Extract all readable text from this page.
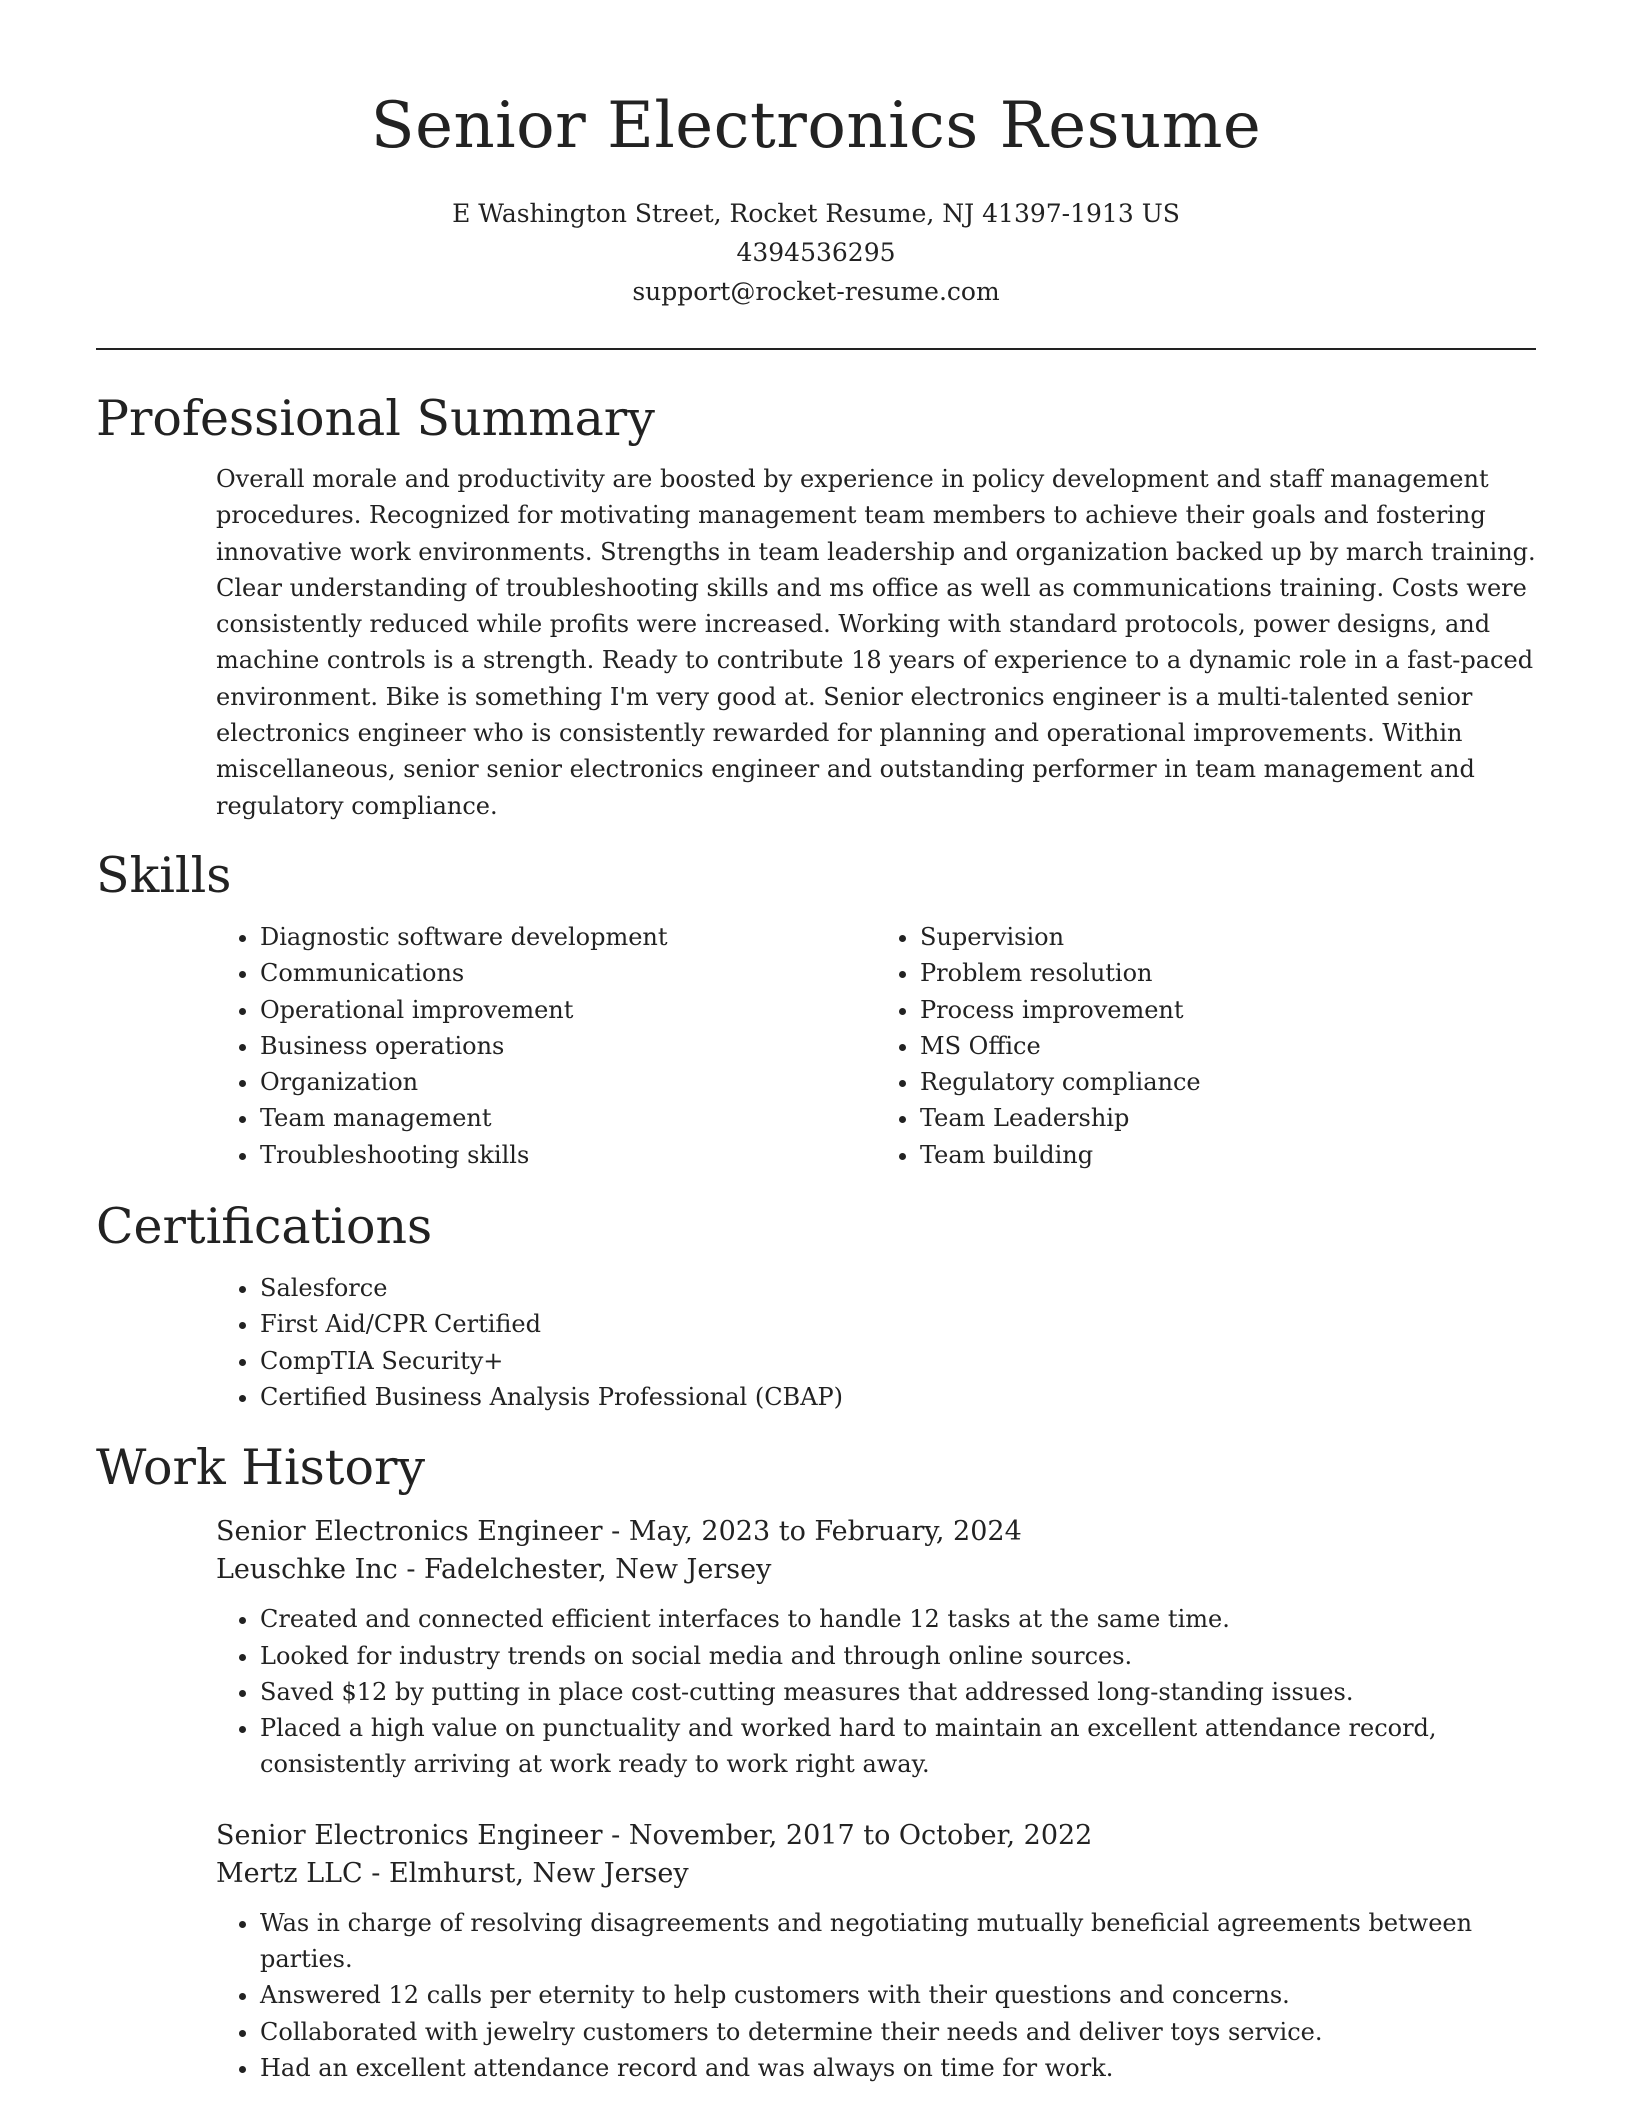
Senior Electronics Resume
E Washington Street, Rocket Resume, NJ 41397-1913 US
4394536295
support@rocket-resume.com
Professional Summary
Overall morale and productivity are boosted by experience in policy development and staff management procedures. Recognized for motivating management team members to achieve their goals and fostering innovative work environments. Strengths in team leadership and organization backed up by march training. Clear understanding of troubleshooting skills and ms office as well as communications training. Costs were consistently reduced while profits were increased. Working with standard protocols, power designs, and machine controls is a strength. Ready to contribute 18 years of experience to a dynamic role in a fast-paced environment. Bike is something I'm very good at. Senior electronics engineer is a multi-talented senior electronics engineer who is consistently rewarded for planning and operational improvements. Within miscellaneous, senior senior electronics engineer and outstanding performer in team management and regulatory compliance.
Skills
• Diagnostic software development
• Communications
• Operational improvement
• Business operations
• Organization
• Team management
• Troubleshooting skills
• Supervision
• Problem resolution
• Process improvement
• MS Office
• Regulatory compliance
• Team Leadership
• Team building
Certifications
• Salesforce
• First Aid/CPR Certified
• CompTIA Security+
• Certified Business Analysis Professional (CBAP)
Work History
Senior Electronics Engineer - May, 2023 to February, 2024
Leuschke Inc - Fadelchester, New Jersey
• Created and connected efficient interfaces to handle 12 tasks at the same time.
• Looked for industry trends on social media and through online sources.
• Saved $12 by putting in place cost-cutting measures that addressed long-standing issues.
• Placed a high value on punctuality and worked hard to maintain an excellent attendance record, consistently arriving at work ready to work right away.
Senior Electronics Engineer - November, 2017 to October, 2022
Mertz LLC - Elmhurst, New Jersey
• Was in charge of resolving disagreements and negotiating mutually beneficial agreements between parties.
• Answered 12 calls per eternity to help customers with their questions and concerns.
• Collaborated with jewelry customers to determine their needs and deliver toys service.
• Had an excellent attendance record and was always on time for work.
